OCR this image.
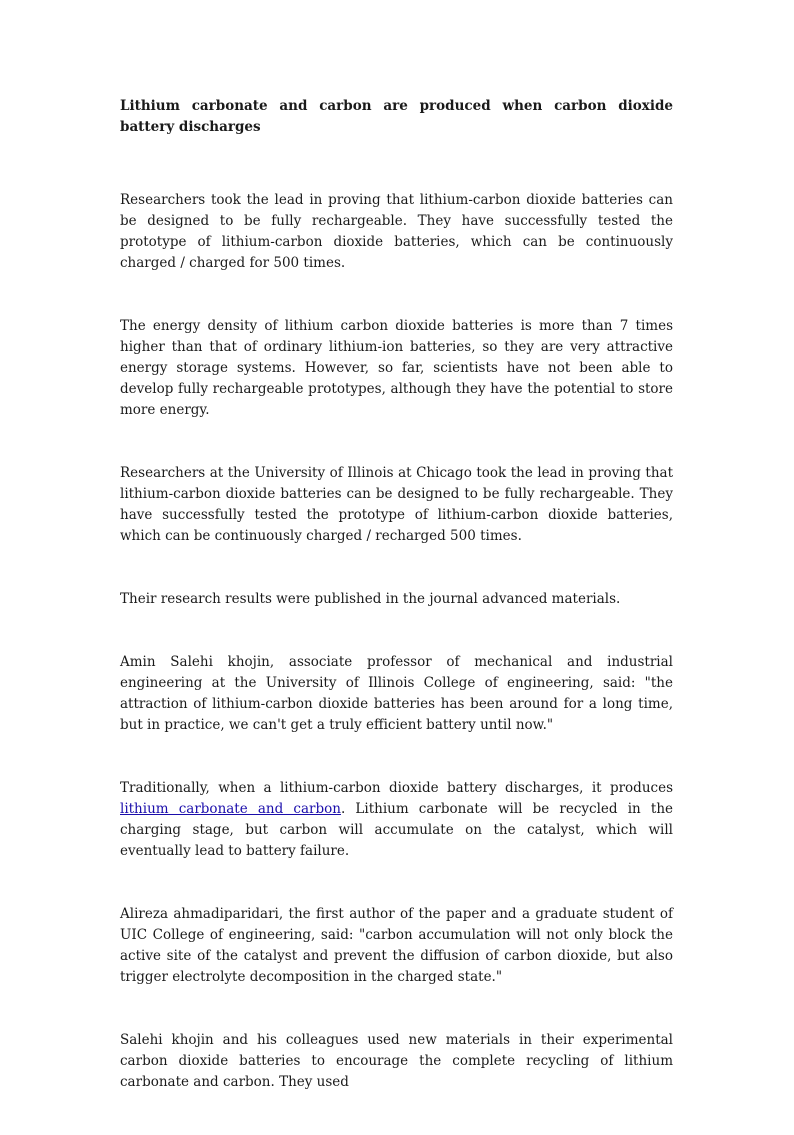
Lithium carbonate and carbon are produced when carbon dioxide battery discharges

Researchers took the lead in proving that lithium-carbon dioxide batteries can be designed to be fully rechargeable. They have successfully tested the prototype of lithium-carbon dioxide batteries, which can be continuously charged / charged for 500 times.

The energy density of lithium carbon dioxide batteries is more than 7 times higher than that of ordinary lithium-ion batteries, so they are very attractive energy storage systems. However, so far, scientists have not been able to develop fully rechargeable prototypes, although they have the potential to store more energy.

Researchers at the University of Illinois at Chicago took the lead in proving that lithium-carbon dioxide batteries can be designed to be fully rechargeable. They have successfully tested the prototype of lithium-carbon dioxide batteries, which can be continuously charged / recharged 500 times.

Their research results were published in the journal advanced materials.

Amin Salehi khojin, associate professor of mechanical and industrial engineering at the University of Illinois College of engineering, said: "the attraction of lithium-carbon dioxide batteries has been around for a long time, but in practice, we can't get a truly efficient battery until now."

Traditionally, when a lithium-carbon dioxide battery discharges, it produces lithium carbonate and carbon. Lithium carbonate will be recycled in the charging stage, but carbon will accumulate on the catalyst, which will eventually lead to battery failure.

Alireza ahmadiparidari, the first author of the paper and a graduate student of UIC College of engineering, said: "carbon accumulation will not only block the active site of the catalyst and prevent the diffusion of carbon dioxide, but also trigger electrolyte decomposition in the charged state."

Salehi khojin and his colleagues used new materials in their experimental carbon dioxide batteries to encourage the complete recycling of lithium carbonate and carbon. They used
